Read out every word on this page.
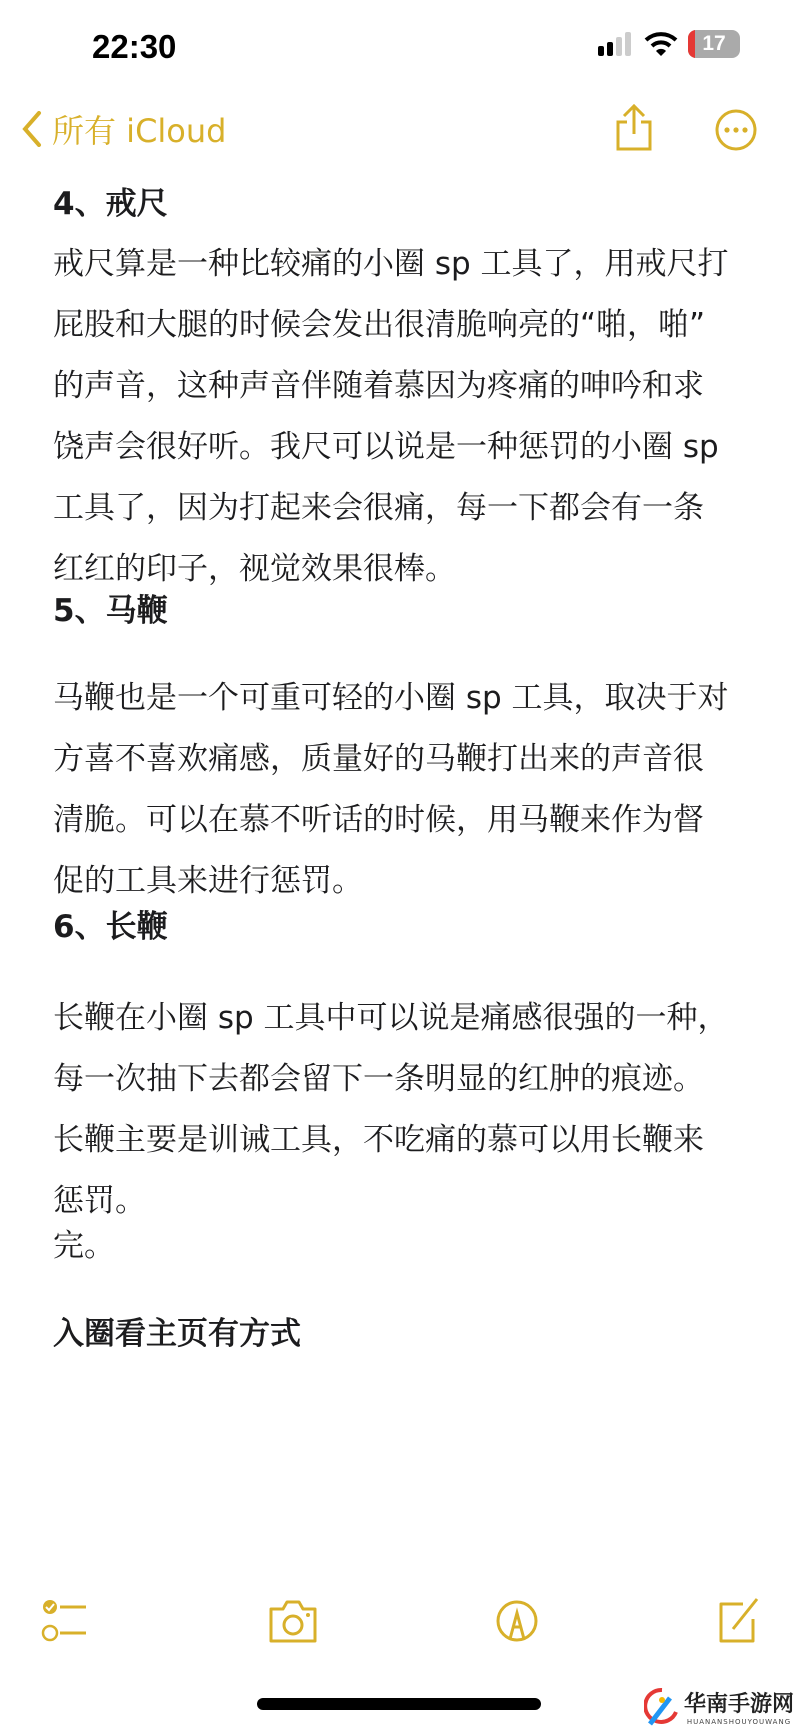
22:30	17
所有 iCloud
4、戒尺
戒尺算是一种比较痛的小圈 sp 工具了，用戒尺打
屁股和大腿的时候会发出很清脆响亮的“啪，啪”
的声音，这种声音伴随着慕因为疼痛的呻吟和求
饶声会很好听。我尺可以说是一种惩罚的小圈 sp
工具了，因为打起来会很痛，每一下都会有一条
红红的印子，视觉效果很棒。
5、马鞭
马鞭也是一个可重可轻的小圈 sp 工具，取决于对
方喜不喜欢痛感，质量好的马鞭打出来的声音很
清脆。可以在慕不听话的时候，用马鞭来作为督
促的工具来进行惩罚。
6、长鞭
长鞭在小圈 sp 工具中可以说是痛感很强的一种，
每一次抽下去都会留下一条明显的红肿的痕迹。
长鞭主要是训诫工具，不吃痛的慕可以用长鞭来
惩罚。
完。
入圈看主页有方式
华南手游网
HUANANSHOUYOUWANG
